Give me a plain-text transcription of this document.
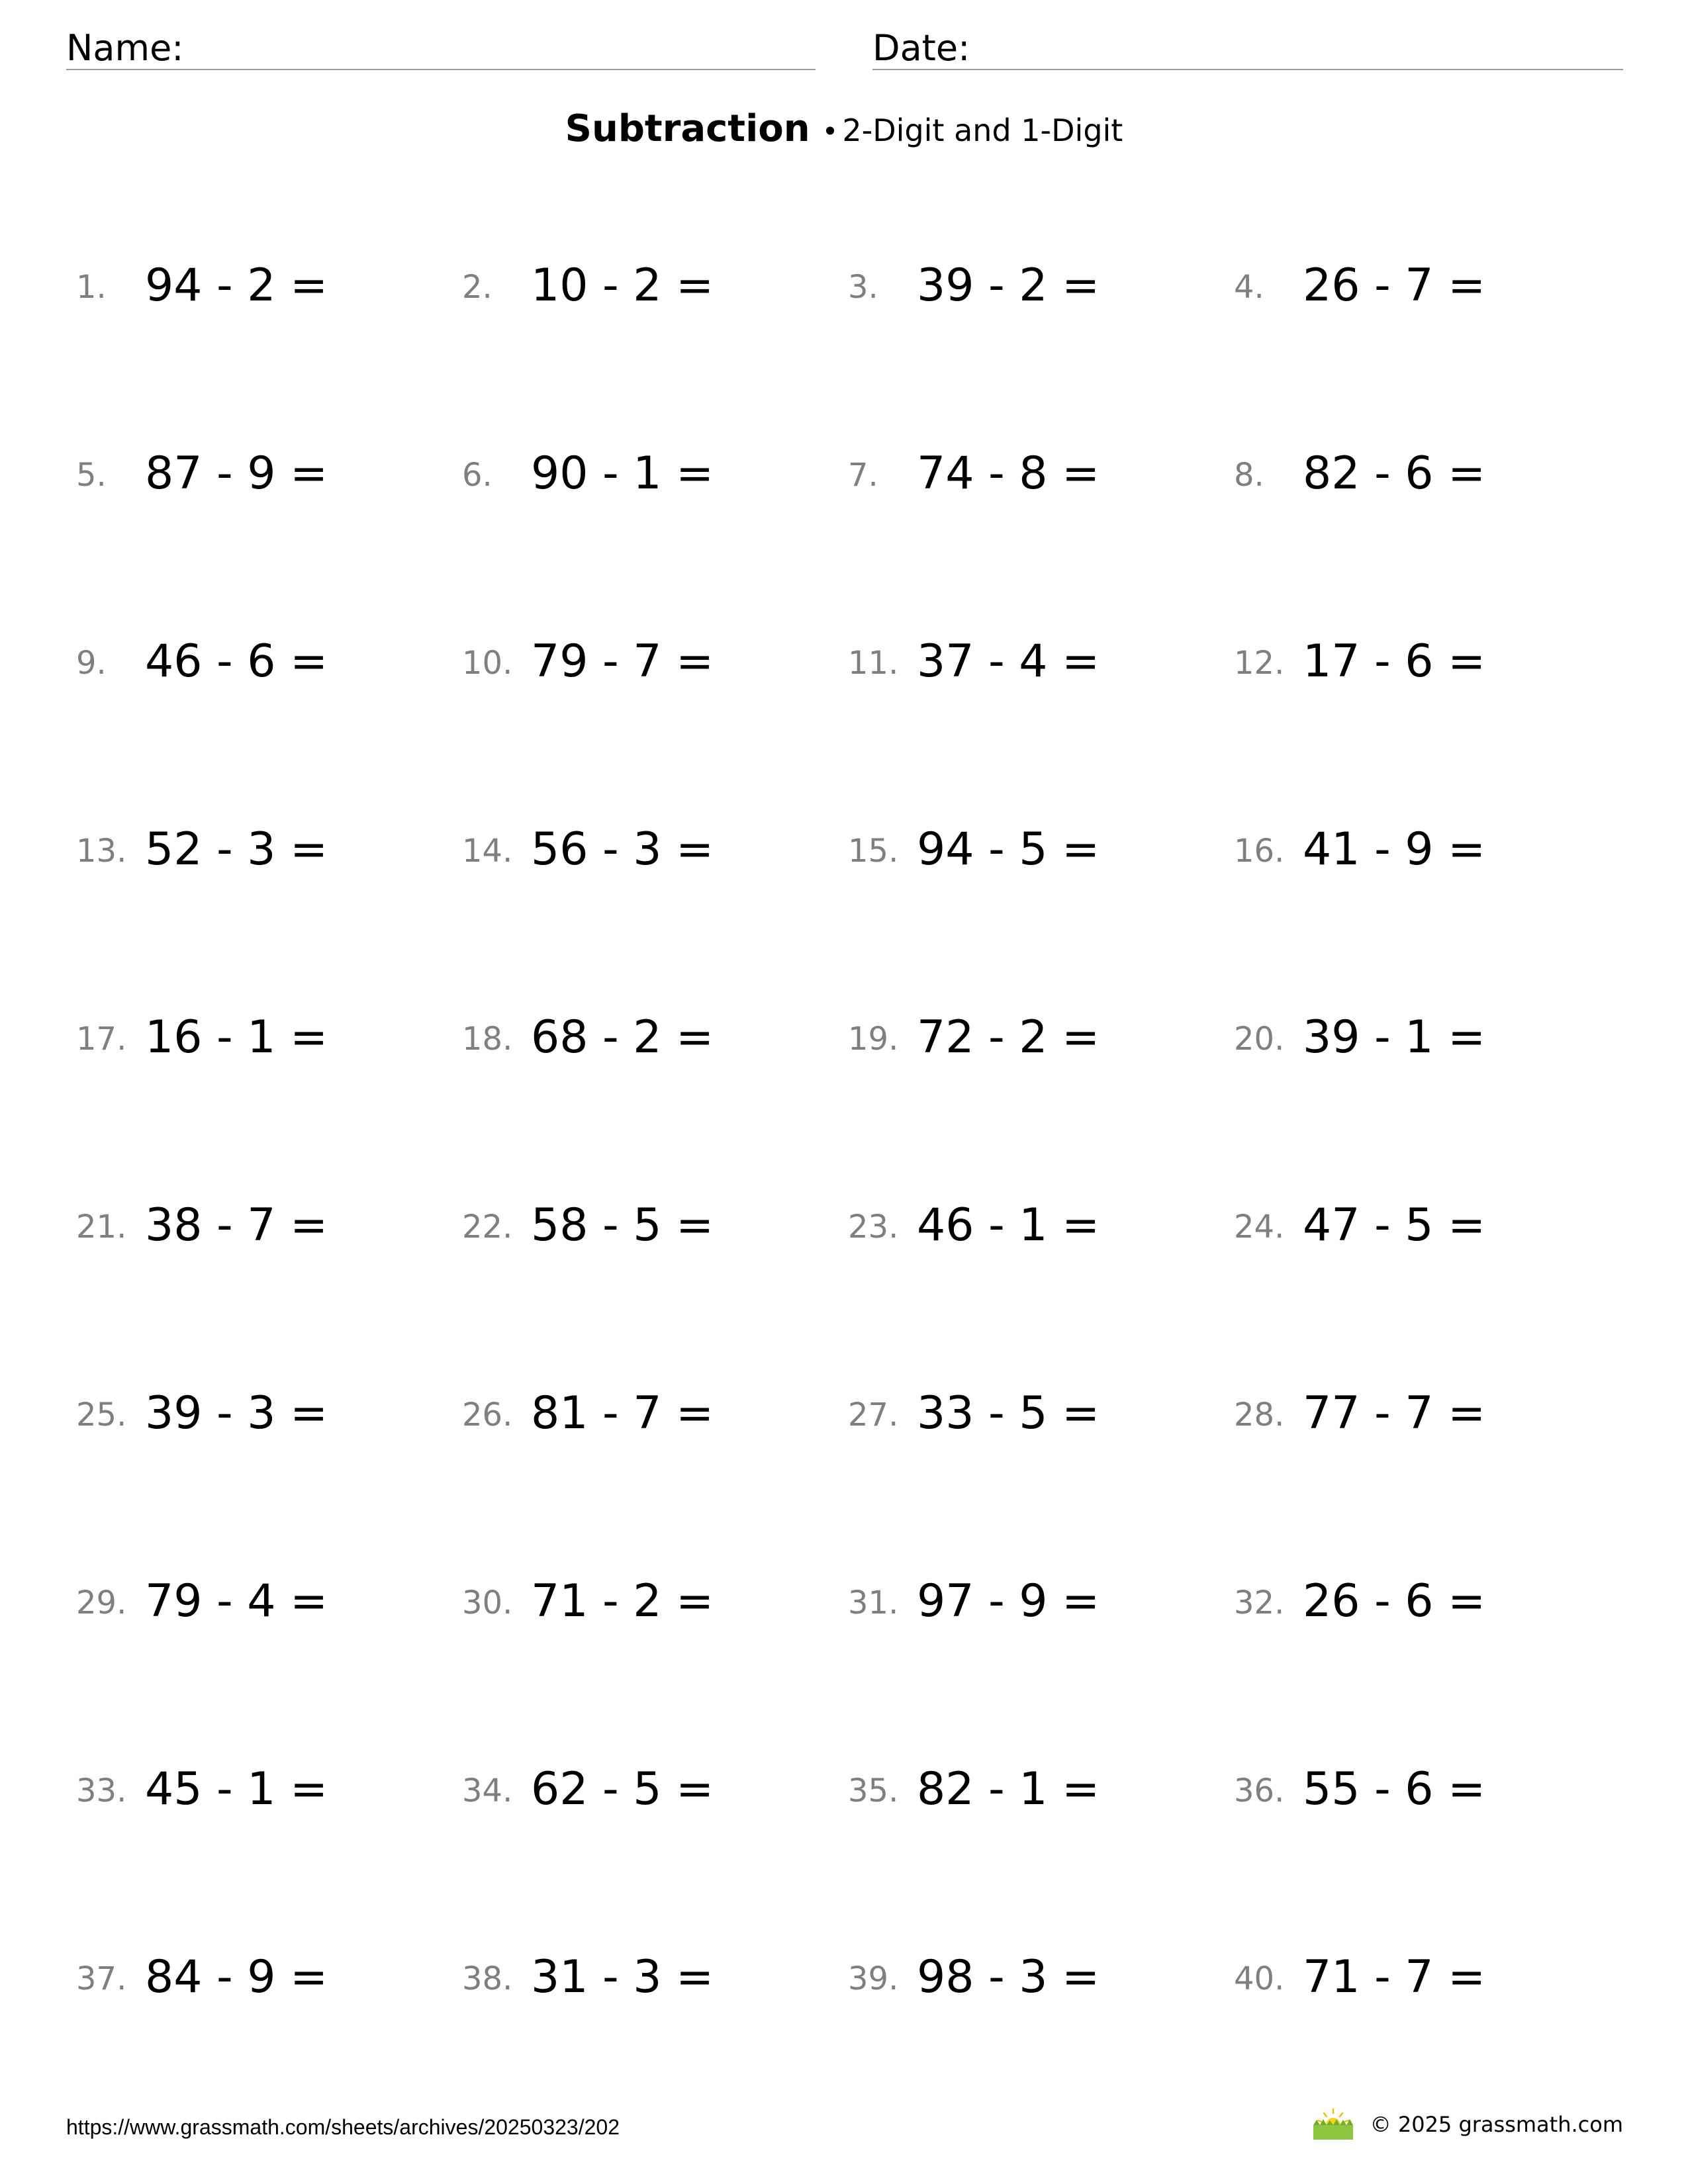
Name:	Date:
Subtraction • 2-Digit and 1-Digit
1. 94 - 2 =	2. 10 - 2 =	3. 39 - 2 =	4. 26 - 7 =
5. 87 - 9 =	6. 90 - 1 =	7. 74 - 8 =	8. 82 - 6 =
9. 46 - 6 =	10. 79 - 7 =	11. 37 - 4 =	12. 17 - 6 =
13. 52 - 3 =	14. 56 - 3 =	15. 94 - 5 =	16. 41 - 9 =
17. 16 - 1 =	18. 68 - 2 =	19. 72 - 2 =	20. 39 - 1 =
21. 38 - 7 =	22. 58 - 5 =	23. 46 - 1 =	24. 47 - 5 =
25. 39 - 3 =	26. 81 - 7 =	27. 33 - 5 =	28. 77 - 7 =
29. 79 - 4 =	30. 71 - 2 =	31. 97 - 9 =	32. 26 - 6 =
33. 45 - 1 =	34. 62 - 5 =	35. 82 - 1 =	36. 55 - 6 =
37. 84 - 9 =	38. 31 - 3 =	39. 98 - 3 =	40. 71 - 7 =
https://www.grassmath.com/sheets/archives/20250323/202	© 2025 grassmath.com
